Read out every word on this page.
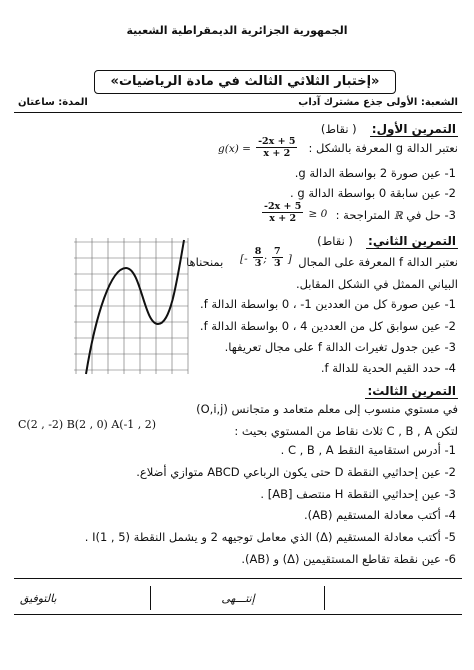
الجمهورية الجزائرية الديمقراطية الشعبية
«إختبار الثلاثي الثالث في مادة الرياضيات»
الشعبة: الأولى جذع مشترك آداب
المدة: ساعتان
التمرين الأول: ( نقاط)
نعتبر الدالة g المعرفة بالشكل :
$g(x) = \frac{-2x + 5}{x + 2}$
1- عين صورة 2 بواسطة الدالة g.
2- عين سابقة 0 بواسطة الدالة g .
3- حل في ℝ المتراجحة :
$\frac{-2x + 5}{x + 2} \ge 0$
التمرين الثاني: ( نقاط)
نعتبر الدالة f المعرفة على المجال
[- $\frac{8}{3}$ ; $\frac{7}{3}$ ]
بمنحناها
البياني الممثل في الشكل المقابل.
1- عين صورة كل من العددين 1- ، 0 بواسطة الدالة f.
2- عين سوابق كل من العددين 4 ، 0 بواسطة الدالة f.
3- عين جدول تغيرات الدالة f على مجال تعريفها.
4- حدد القيم الحدية للدالة f.
التمرين الثالث:
في مستوي منسوب إلى معلم متعامد و متجانس (O,i,j)
لتكن C , B , A ثلاث نقاط من المستوي بحيث :
C(2 , -2) B(2 , 0) A(-1 , 2)
1- أدرس استقامية النقط C , B , A .
2- عين إحداثيي النقطة D حتى يكون الرباعي ABCD متوازي أضلاع.
3- عين إحداثيي النقطة H منتصف [AB] .
4- أكتب معادلة المستقيم (AB).
5- أكتب معادلة المستقيم (Δ) الذي معامل توجيهه 2 و يشمل النقطة I(1 , 5) .
6- عين نقطة تقاطع المستقيمين (Δ) و (AB).
إنتـــهى
بالتوفيق
